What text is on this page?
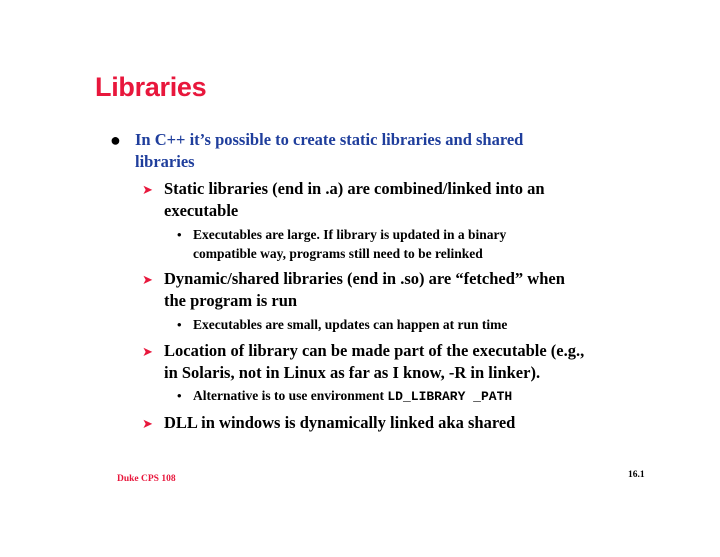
Libraries
● In C++ it’s possible to create static libraries and shared
libraries
➤ Static libraries (end in .a) are combined/linked into an
executable
• Executables are large. If library is updated in a binary
compatible way, programs still need to be relinked
➤ Dynamic/shared libraries (end in .so) are “fetched” when
the program is run
• Executables are small, updates can happen at run time
➤ Location of library can be made part of the executable (e.g.,
in Solaris, not in Linux as far as I know, -R in linker).
• Alternative is to use environment LD_LIBRARY _PATH
➤ DLL in windows is dynamically linked aka shared
Duke CPS 108	16.1
